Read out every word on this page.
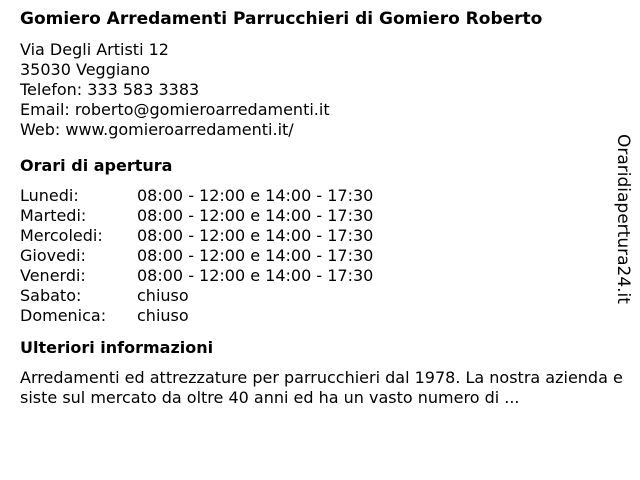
Gomiero Arredamenti Parrucchieri di Gomiero Roberto
Via Degli Artisti 12
35030 Veggiano
Telefon: 333 583 3383
Email: roberto@gomieroarredamenti.it
Web: www.gomieroarredamenti.it/
Orari di apertura
Lunedi:	08:00 - 12:00 e 14:00 - 17:30
Martedi:	08:00 - 12:00 e 14:00 - 17:30
Mercoledi:	08:00 - 12:00 e 14:00 - 17:30
Giovedi:	08:00 - 12:00 e 14:00 - 17:30
Venerdi:	08:00 - 12:00 e 14:00 - 17:30
Sabato:	chiuso
Domenica:	chiuso
Ulteriori informazioni
Arredamenti ed attrezzature per parrucchieri dal 1978. La nostra azienda esiste sul mercato da oltre 40 anni ed ha un vasto numero di ...
Oraridiapertura24.it
